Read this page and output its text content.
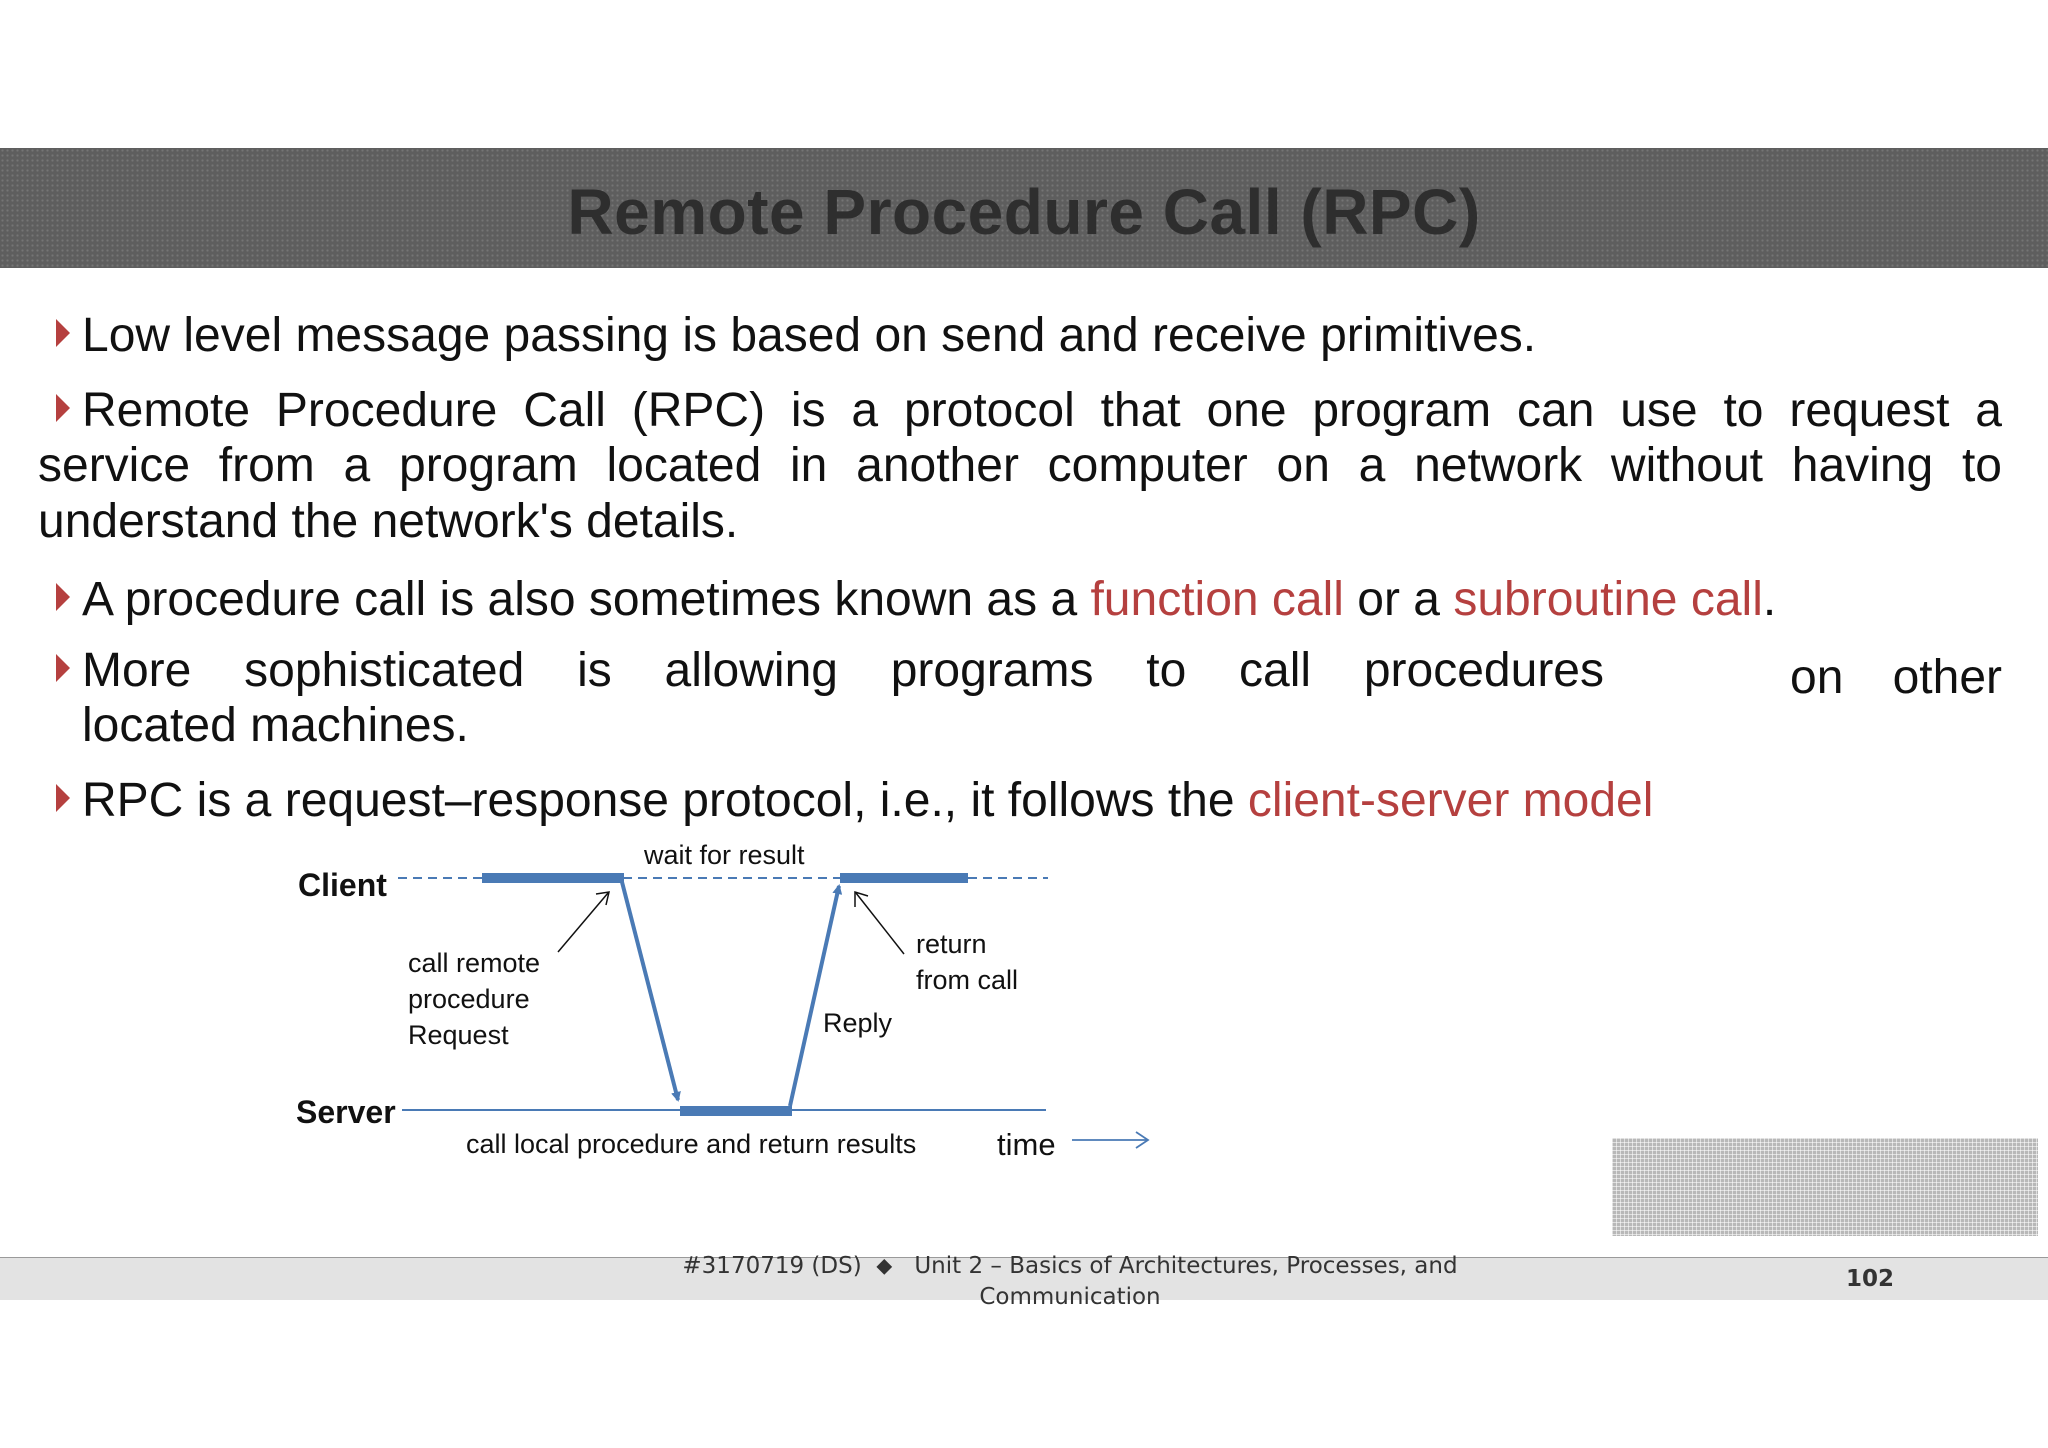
Remote Procedure Call (RPC)
Low level message passing is based on send and receive primitives.
Remote Procedure Call (RPC) is a protocol that one program can use to request a
service from a program located in another computer on a network without having to
understand the network's details.
A procedure call is also sometimes known as a function call or a subroutine call.
More sophisticated is allowing programs to call procedures	on other
located machines.
RPC is a request–response protocol, i.e., it follows the client-server model
Client
Server
wait for result
call remote
procedure
Request
return
from call
Reply
call local procedure and return results	time
#3170719 (DS)  ⬥   Unit 2 – Basics of Architectures, Processes, and
Communication
102
